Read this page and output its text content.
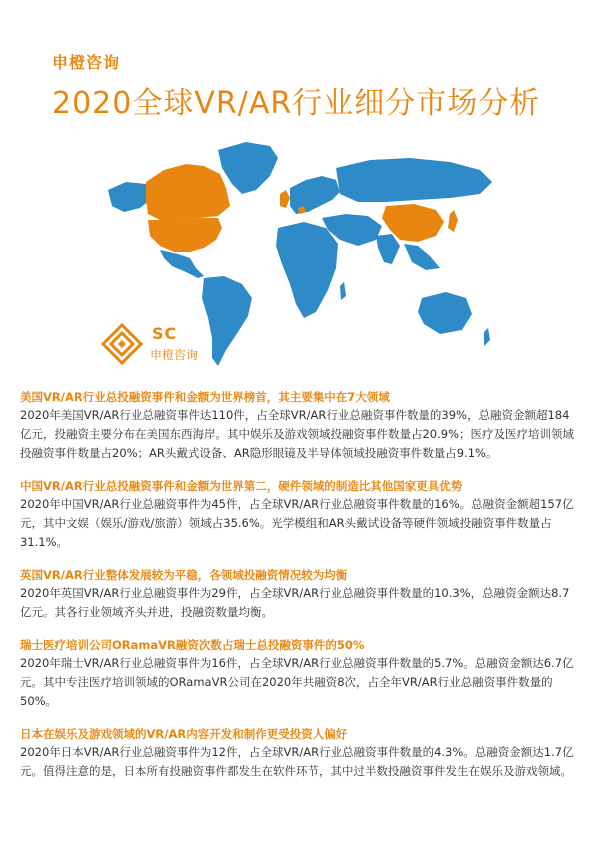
申橙咨询
2020全球VR/AR行业细分市场分析
SC
申橙咨询
美国VR/AR行业总投融资事件和金额为世界榜首，其主要集中在7大领域
2020年美国VR/AR行业总融资事件达110件，占全球VR/AR行业总融资事件数量的39%，总融资金额超184亿元，投融资主要分布在美国东西海岸。其中娱乐及游戏领域投融资事件数量占20.9%；医疗及医疗培训领域投融资事件数量占20%；AR头戴式设备、AR隐形眼镜及半导体领域投融资事件数量占9.1%。
中国VR/AR行业总投融资事件和金额为世界第二，硬件领域的制造比其他国家更具优势
2020年中国VR/AR行业总融资事件为45件，占全球VR/AR行业总融资事件数量的16%。总融资金额超157亿元，其中文娱（娱乐/游戏/旅游）领域占35.6%。光学模组和AR头戴试设备等硬件领域投融资事件数量占31.1%。
英国VR/AR行业整体发展较为平稳，各领域投融资情况较为均衡
2020年英国VR/AR行业总融资事件为29件，占全球VR/AR行业总融资事件数量的10.3%，总融资金额达8.7亿元。其各行业领域齐头并进，投融资数量均衡。
瑞士医疗培训公司ORamaVR融资次数占瑞士总投融资事件的50%
2020年瑞士VR/AR行业总融资事件为16件，占全球VR/AR行业总融资事件数量的5.7%。总融资金额达6.7亿元。其中专注医疗培训领域的ORamaVR公司在2020年共融资8次，占全年VR/AR行业总融资事件数量的50%。
日本在娱乐及游戏领域的VR/AR内容开发和制作更受投资人偏好
2020年日本VR/AR行业总融资事件为12件，占全球VR/AR行业总融资事件数量的4.3%。总融资金额达1.7亿元。值得注意的是，日本所有投融资事件都发生在软件环节，其中过半数投融资事件发生在娱乐及游戏领域。
